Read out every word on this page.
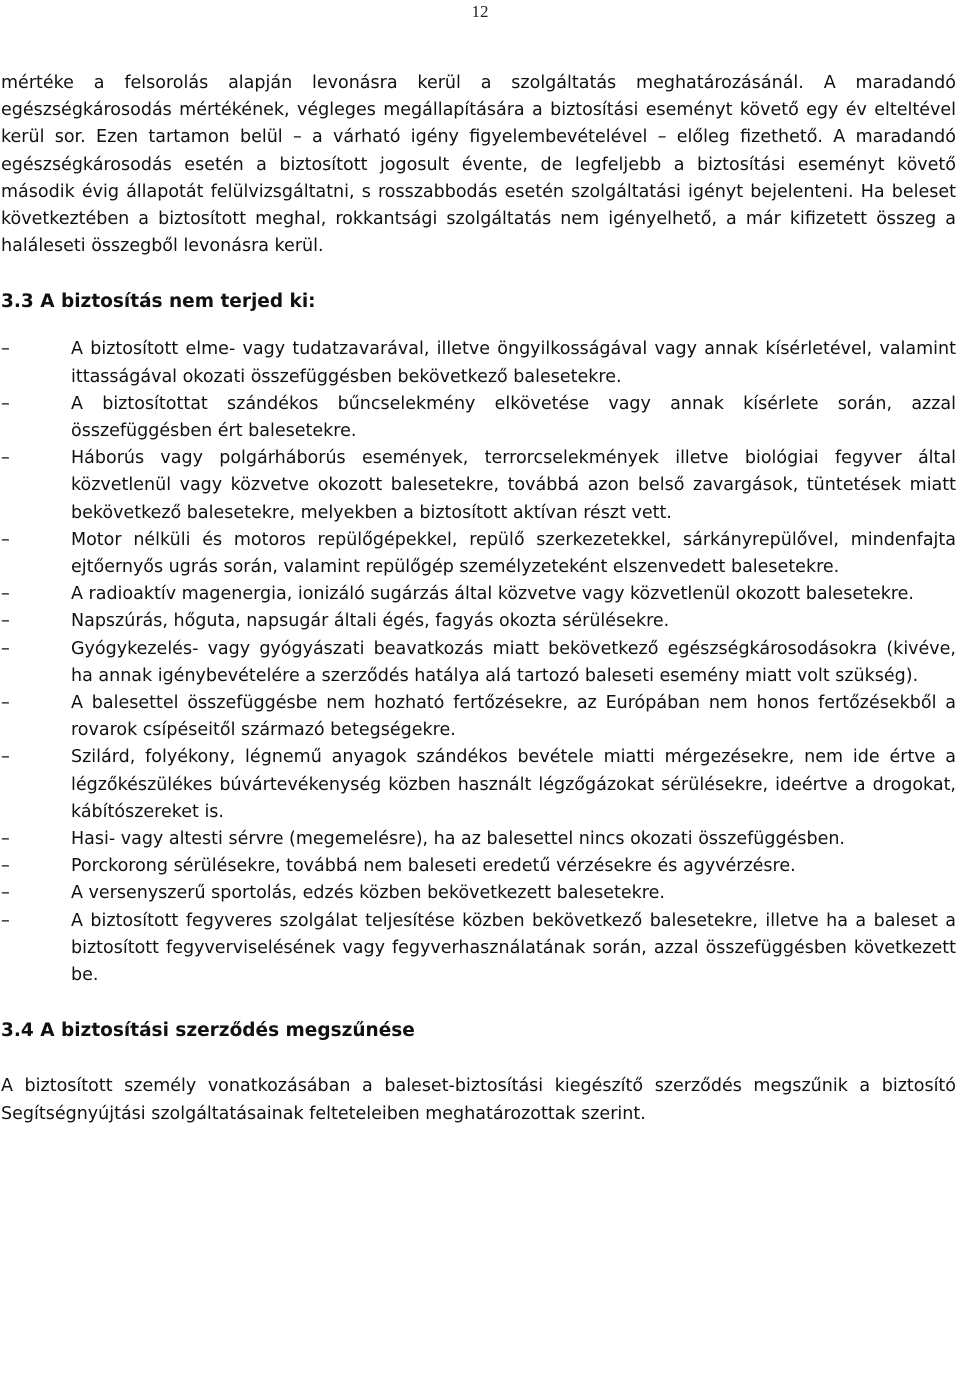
12

mértéke a felsorolás alapján levonásra kerül a szolgáltatás meghatározásánál. A maradandó egészségkárosodás mértékének, végleges megállapítására a biztosítási eseményt követő egy év elteltével kerül sor. Ezen tartamon belül – a várható igény figyelembevételével – előleg fizethető. A maradandó egészségkárosodás esetén a biztosított jogosult évente, de legfeljebb a biztosítási eseményt követő második évig állapotát felülvizsgáltatni, s rosszabbodás esetén szolgáltatási igényt bejelenteni. Ha beleset következtében a biztosított meghal, rokkantsági szolgáltatás nem igényelhető, a már kifizetett összeg a haláleseti összegből levonásra kerül.

3.3 A biztosítás nem terjed ki:
–	A biztosított elme- vagy tudatzavarával, illetve öngyilkosságával vagy annak kísérletével, valamint ittasságával okozati összefüggésben bekövetkező balesetekre.
–	A biztosítottat szándékos bűncselekmény elkövetése vagy annak kísérlete során, azzal összefüggésben ért balesetekre.
–	Háborús vagy polgárháborús események, terrorcselekmények illetve biológiai fegyver által közvetlenül vagy közvetve okozott balesetekre, továbbá azon belső zavargások, tüntetések miatt bekövetkező balesetekre, melyekben a biztosított aktívan részt vett.
–	Motor nélküli és motoros repülőgépekkel, repülő szerkezetekkel, sárkányrepülővel, mindenfajta ejtőernyős ugrás során, valamint repülőgép személyzeteként elszenvedett balesetekre.
–	A radioaktív magenergia, ionizáló sugárzás által közvetve vagy közvetlenül okozott balesetekre.
–	Napszúrás, hőguta, napsugár általi égés, fagyás okozta sérülésekre.
–	Gyógykezelés- vagy gyógyászati beavatkozás miatt bekövetkező egészségkárosodásokra (kivéve, ha annak igénybevételére a szerződés hatálya alá tartozó baleseti esemény miatt volt szükség).
–	A balesettel összefüggésbe nem hozható fertőzésekre, az Európában nem honos fertőzésekből a rovarok csípéseitől származó betegségekre.
–	Szilárd, folyékony, légnemű anyagok szándékos bevétele miatti mérgezésekre, nem ide értve a légzőkészülékes búvártevékenység közben használt légzőgázokat sérülésekre, ideértve a drogokat, kábítószereket is.
–	Hasi- vagy altesti sérvre (megemelésre), ha az balesettel nincs okozati összefüggésben.
–	Porckorong sérülésekre, továbbá nem baleseti eredetű vérzésekre és agyvérzésre.
–	A versenyszerű sportolás, edzés közben bekövetkezett balesetekre.
–	A biztosított fegyveres szolgálat teljesítése közben bekövetkező balesetekre, illetve ha a baleset a biztosított fegyverviselésének vagy fegyverhasználatának során, azzal összefüggésben következett be.
3.4 A biztosítási szerződés megszűnése

A biztosított személy vonatkozásában a baleset-biztosítási kiegészítő szerződés megszűnik a biztosító Segítségnyújtási szolgáltatásainak felteteleiben meghatározottak szerint.
